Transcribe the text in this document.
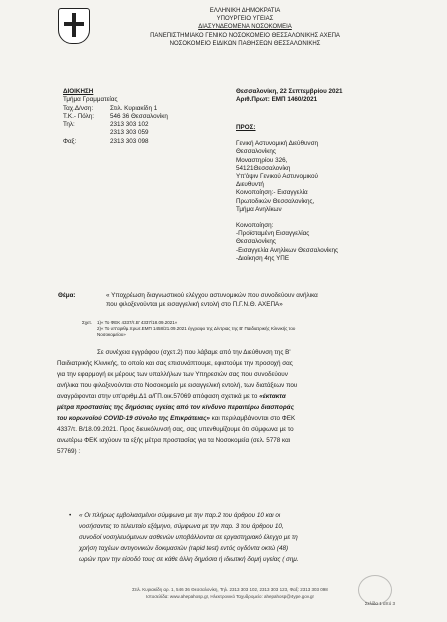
ΕΛΛΗΝΙΚΗ ΔΗΜΟΚΡΑΤΙΑ
ΥΠΟΥΡΓΕΙΟ ΥΓΕΙΑΣ
ΔΙΑΣΥΝΔΕΟΜΕΝΑ ΝΟΣΟΚΟΜΕΙΑ
ΠΑΝΕΠΙΣΤΗΜΙΑΚΟ ΓΕΝΙΚΟ ΝΟΣΟΚΟΜΕΙΟ ΘΕΣΣΑΛΟΝΙΚΗΣ ΑΧΕΠΑ
ΝΟΣΟΚΟΜΕΙΟ ΕΙΔΙΚΩΝ ΠΑΘΗΣΕΩΝ ΘΕΣΣΑΛΟΝΙΚΗΣ
ΔΙΟΙΚΗΣΗ
Τμήμα Γραμματείας
Ταχ.Δ/νση:	Στιλ. Κυριακίδη 1
Τ.Κ.- Πόλη:	546 36 Θεσσαλονίκη
Τηλ:	2313 303 102
2313 303 059
Φαξ:	2313 303 098
Θεσσαλονίκη, 22 Σεπτεμβρίου 2021
Αριθ.Πρωτ: ΕΜΠ 1460/2021
ΠΡΟΣ:
Γενική Αστυνομική Διεύθυνση
Θεσσαλονίκης
Μοναστηρίου 326,
54121Θεσσαλονίκη
Υπ'όψιν Γενικού Αστυνομικού
Διευθυντή
Κοινοποίηση:- Εισαγγελία
Πρωτοδικών Θεσσαλονίκης,
Τμήμα Ανηλίκων
Κοινοποίηση:
-Προϊσταμένη Εισαγγελίας
Θεσσαλονίκης
-Εισαγγελία Ανηλίκων Θεσσαλονίκης
-Διοίκηση 4ης ΥΠΕ
Θέμα:	« Υποχρέωση διαγνωστικού ελέγχου αστυνομικών που συνοδεύουν ανήλικα
που φιλοξενούνται με εισαγγελική εντολή στο Π.Γ.Ν.Θ. ΑΧΕΠΑ»
Σχετ.	1)« Το ΦΕΚ 4337/τ.Β' 4337/18.09.2021»
2)« Το υπ'αριθμ.πρωτ.ΕΜΠ 1458/21.09.2021 έγγραφο της Δ/ντριας της Β' Παιδιατρικής Κλινικής του
Νοσοκομείου»
Σε συνέχεια εγγράφου (σχετ.2) που λάβαμε από την Διεύθυνση της Β'
Παιδιατρικής Κλινικής, το οποίο και σας επισυνάπτουμε, εφιστούμε την προσοχή σας
για την εφαρμογή εκ μέρους των υπαλλήλων των Υπηρεσιών σας που συνοδεύουν
ανήλικα που φιλοξενούνται στο Νοσοκομείο με εισαγγελική εντολή, των διατάξεων που
αναγράφονται στην υπ'αριθμ.Δ1 α/ΓΠ.οικ.57069 απόφαση σχετικά με το «έκτακτα
μέτρα προστασίας της δημόσιας υγείας από τον κίνδυνο περαιτέρω διασποράς
του κορωνοϊού COVID-19 σύνολο της Επικράτειας» και περιλαμβάνονται στο ΦΕΚ
4337/τ. Β/18.09.2021. Προς διευκόλυνσή σας, σας υπενθυμίζουμε ότι σύμφωνα με το
ανωτέρω ΦΕΚ ισχύουν τα εξής μέτρα προστασίας για τα Νοσοκομεία (σελ. 5778 και
57769) :
• « Οι πλήρως εμβολιασμένοι σύμφωνα με την παρ.2 του άρθρου 10 και οι
νοσήσαντες το τελευταίο εξάμηνο, σύμφωνα με την παρ. 3 του άρθρου 10,
συνοδοί νοσηλευόμενων ασθενών υποβάλλονται σε εργαστηριακό έλεγχο με τη
χρήση ταχέων αντιγονικών δοκιμασιών (rapid test) εντός ογδόντα οκτώ (48)
ωρών πριν την είσοδό τους σε κάθε άλλη δημόσια ή ιδιωτική δομή υγείας ( σημ.
Στιλ. Κυριακίδη αρ. 1, 546 36 Θεσσαλονίκη, Τηλ. 2313 303 102, 2313 303 123, Φαξ: 2313 303 098
Ιστοσελίδα: www.ahepahosp.gr, Ηλεκτρονικό Ταχυδρομείο: ahepahosp@4ype.gov.gr
Σελίδα 1 από 3
